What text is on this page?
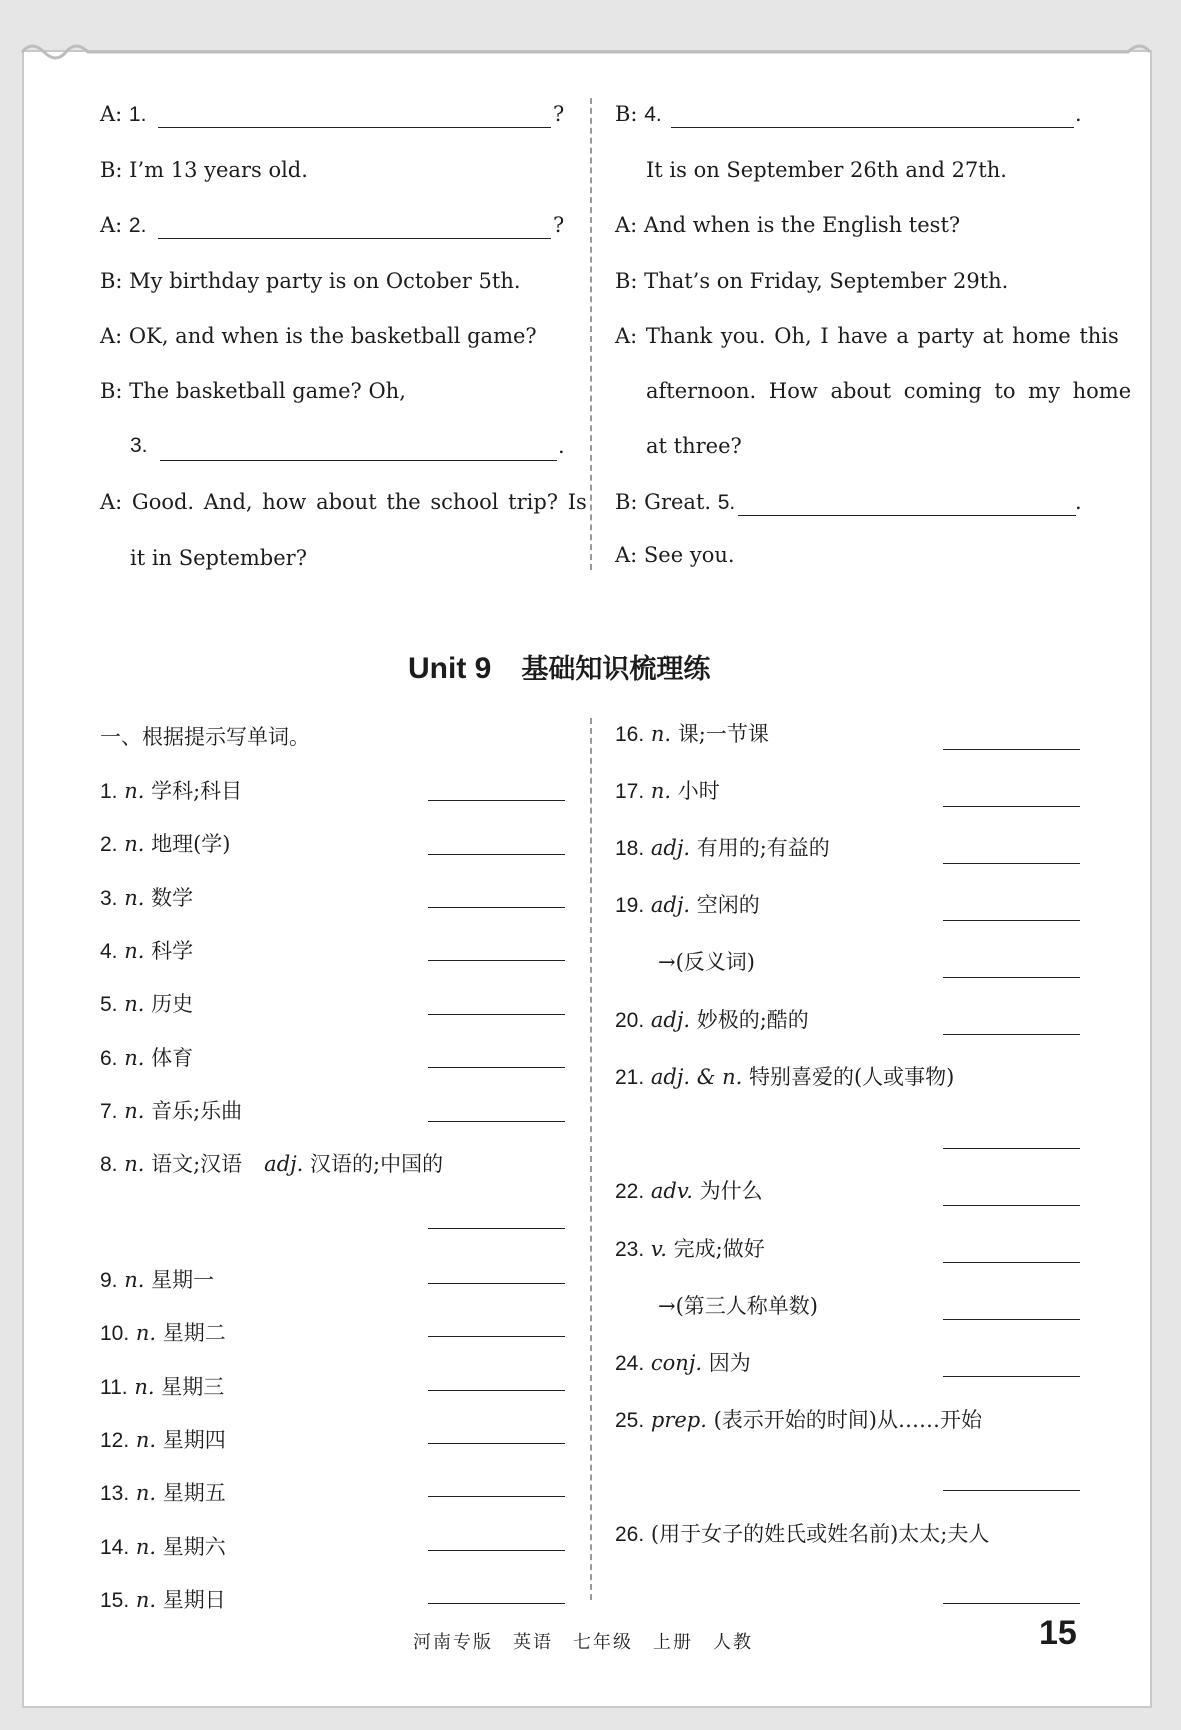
A: 1.	?
B: I’m 13 years old.
A: 2.	?
B: My birthday party is on October 5th.
A: OK, and when is the basketball game?
B: The basketball game? Oh,
3.	.
A: Good. And, how about the school trip? Is
it in September?
B: 4.	.
It is on September 26th and 27th.
A: And when is the English test?
B: That’s on Friday, September 29th.
A: Thank you. Oh, I have a party at home this
afternoon. How about coming to my home
at three?
B: Great. 5.	.
A: See you.
Unit 9 基础知识梳理练
一、根据提示写单词。
1. n. 学科;科目
2. n. 地理(学)
3. n. 数学
4. n. 科学
5. n. 历史
6. n. 体育
7. n. 音乐;乐曲
8. n. 语文;汉语 adj. 汉语的;中国的
9. n. 星期一
10. n. 星期二
11. n. 星期三
12. n. 星期四
13. n. 星期五
14. n. 星期六
15. n. 星期日
16. n. 课;一节课
17. n. 小时
18. adj. 有用的;有益的
19. adj. 空闲的
→(反义词)
20. adj. 妙极的;酷的
21. adj. & n. 特别喜爱的(人或事物)
22. adv. 为什么
23. v. 完成;做好
→(第三人称单数)
24. conj. 因为
25. prep. (表示开始的时间)从……开始
26. (用于女子的姓氏或姓名前)太太;夫人
河南专版　英语　七年级　上册　人教	15
